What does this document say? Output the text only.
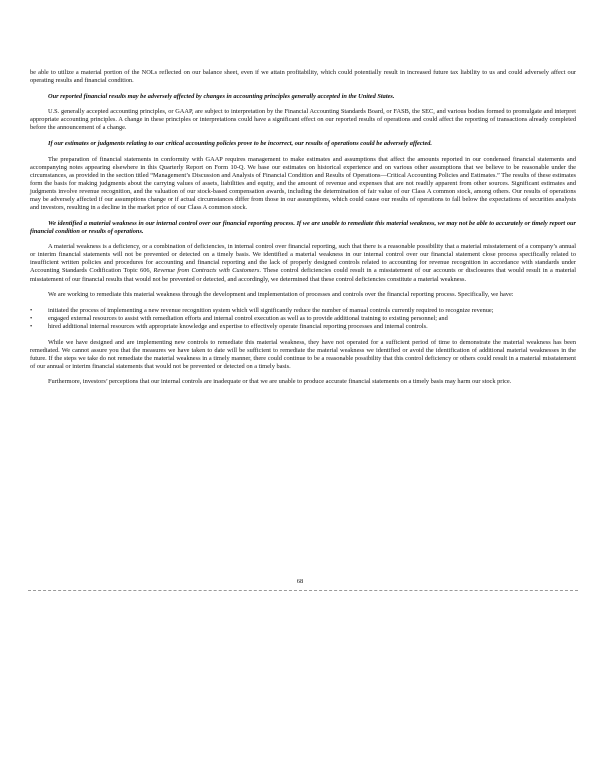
be able to utilize a material portion of the NOLs reflected on our balance sheet, even if we attain profitability, which could potentially result in increased future tax liability to us and could adversely affect our operating results and financial condition.

Our reported financial results may be adversely affected by changes in accounting principles generally accepted in the United States.

U.S. generally accepted accounting principles, or GAAP, are subject to interpretation by the Financial Accounting Standards Board, or FASB, the SEC, and various bodies formed to promulgate and interpret appropriate accounting principles. A change in these principles or interpretations could have a significant effect on our reported results of operations and could affect the reporting of transactions already completed before the announcement of a change.

If our estimates or judgments relating to our critical accounting policies prove to be incorrect, our results of operations could be adversely affected.

The preparation of financial statements in conformity with GAAP requires management to make estimates and assumptions that affect the amounts reported in our condensed financial statements and accompanying notes appearing elsewhere in this Quarterly Report on Form 10-Q. We base our estimates on historical experience and on various other assumptions that we believe to be reasonable under the circumstances, as provided in the section titled “Management’s Discussion and Analysis of Financial Condition and Results of Operations—Critical Accounting Policies and Estimates.” The results of these estimates form the basis for making judgments about the carrying values of assets, liabilities and equity, and the amount of revenue and expenses that are not readily apparent from other sources. Significant estimates and judgments involve revenue recognition, and the valuation of our stock-based compensation awards, including the determination of fair value of our Class A common stock, among others. Our results of operations may be adversely affected if our assumptions change or if actual circumstances differ from those in our assumptions, which could cause our results of operations to fall below the expectations of securities analysts and investors, resulting in a decline in the market price of our Class A common stock.

We identified a material weakness in our internal control over our financial reporting process. If we are unable to remediate this material weakness, we may not be able to accurately or timely report our financial condition or results of operations.

A material weakness is a deficiency, or a combination of deficiencies, in internal control over financial reporting, such that there is a reasonable possibility that a material misstatement of a company’s annual or interim financial statements will not be prevented or detected on a timely basis. We identified a material weakness in our internal control over our financial statement close process specifically related to insufficient written policies and procedures for accounting and financial reporting and the lack of properly designed controls related to accounting for revenue recognition in accordance with standards under Accounting Standards Codification Topic 606, Revenue from Contracts with Customers. These control deficiencies could result in a misstatement of our accounts or disclosures that would result in a material misstatement of our financial results that would not be prevented or detected, and accordingly, we determined that these control deficiencies constitute a material weakness.

We are working to remediate this material weakness through the development and implementation of processes and controls over the financial reporting process. Specifically, we have:

• initiated the process of implementing a new revenue recognition system which will significantly reduce the number of manual controls currently required to recognize revenue;
• engaged external resources to assist with remediation efforts and internal control execution as well as to provide additional training to existing personnel; and
• hired additional internal resources with appropriate knowledge and expertise to effectively operate financial reporting processes and internal controls.

While we have designed and are implementing new controls to remediate this material weakness, they have not operated for a sufficient period of time to demonstrate the material weakness has been remediated. We cannot assure you that the measures we have taken to date will be sufficient to remediate the material weakness we identified or avoid the identification of additional material weaknesses in the future. If the steps we take do not remediate the material weakness in a timely manner, there could continue to be a reasonable possibility that this control deficiency or others could result in a material misstatement of our annual or interim financial statements that would not be prevented or detected on a timely basis.

Furthermore, investors’ perceptions that our internal controls are inadequate or that we are unable to produce accurate financial statements on a timely basis may harm our stock price.

68
